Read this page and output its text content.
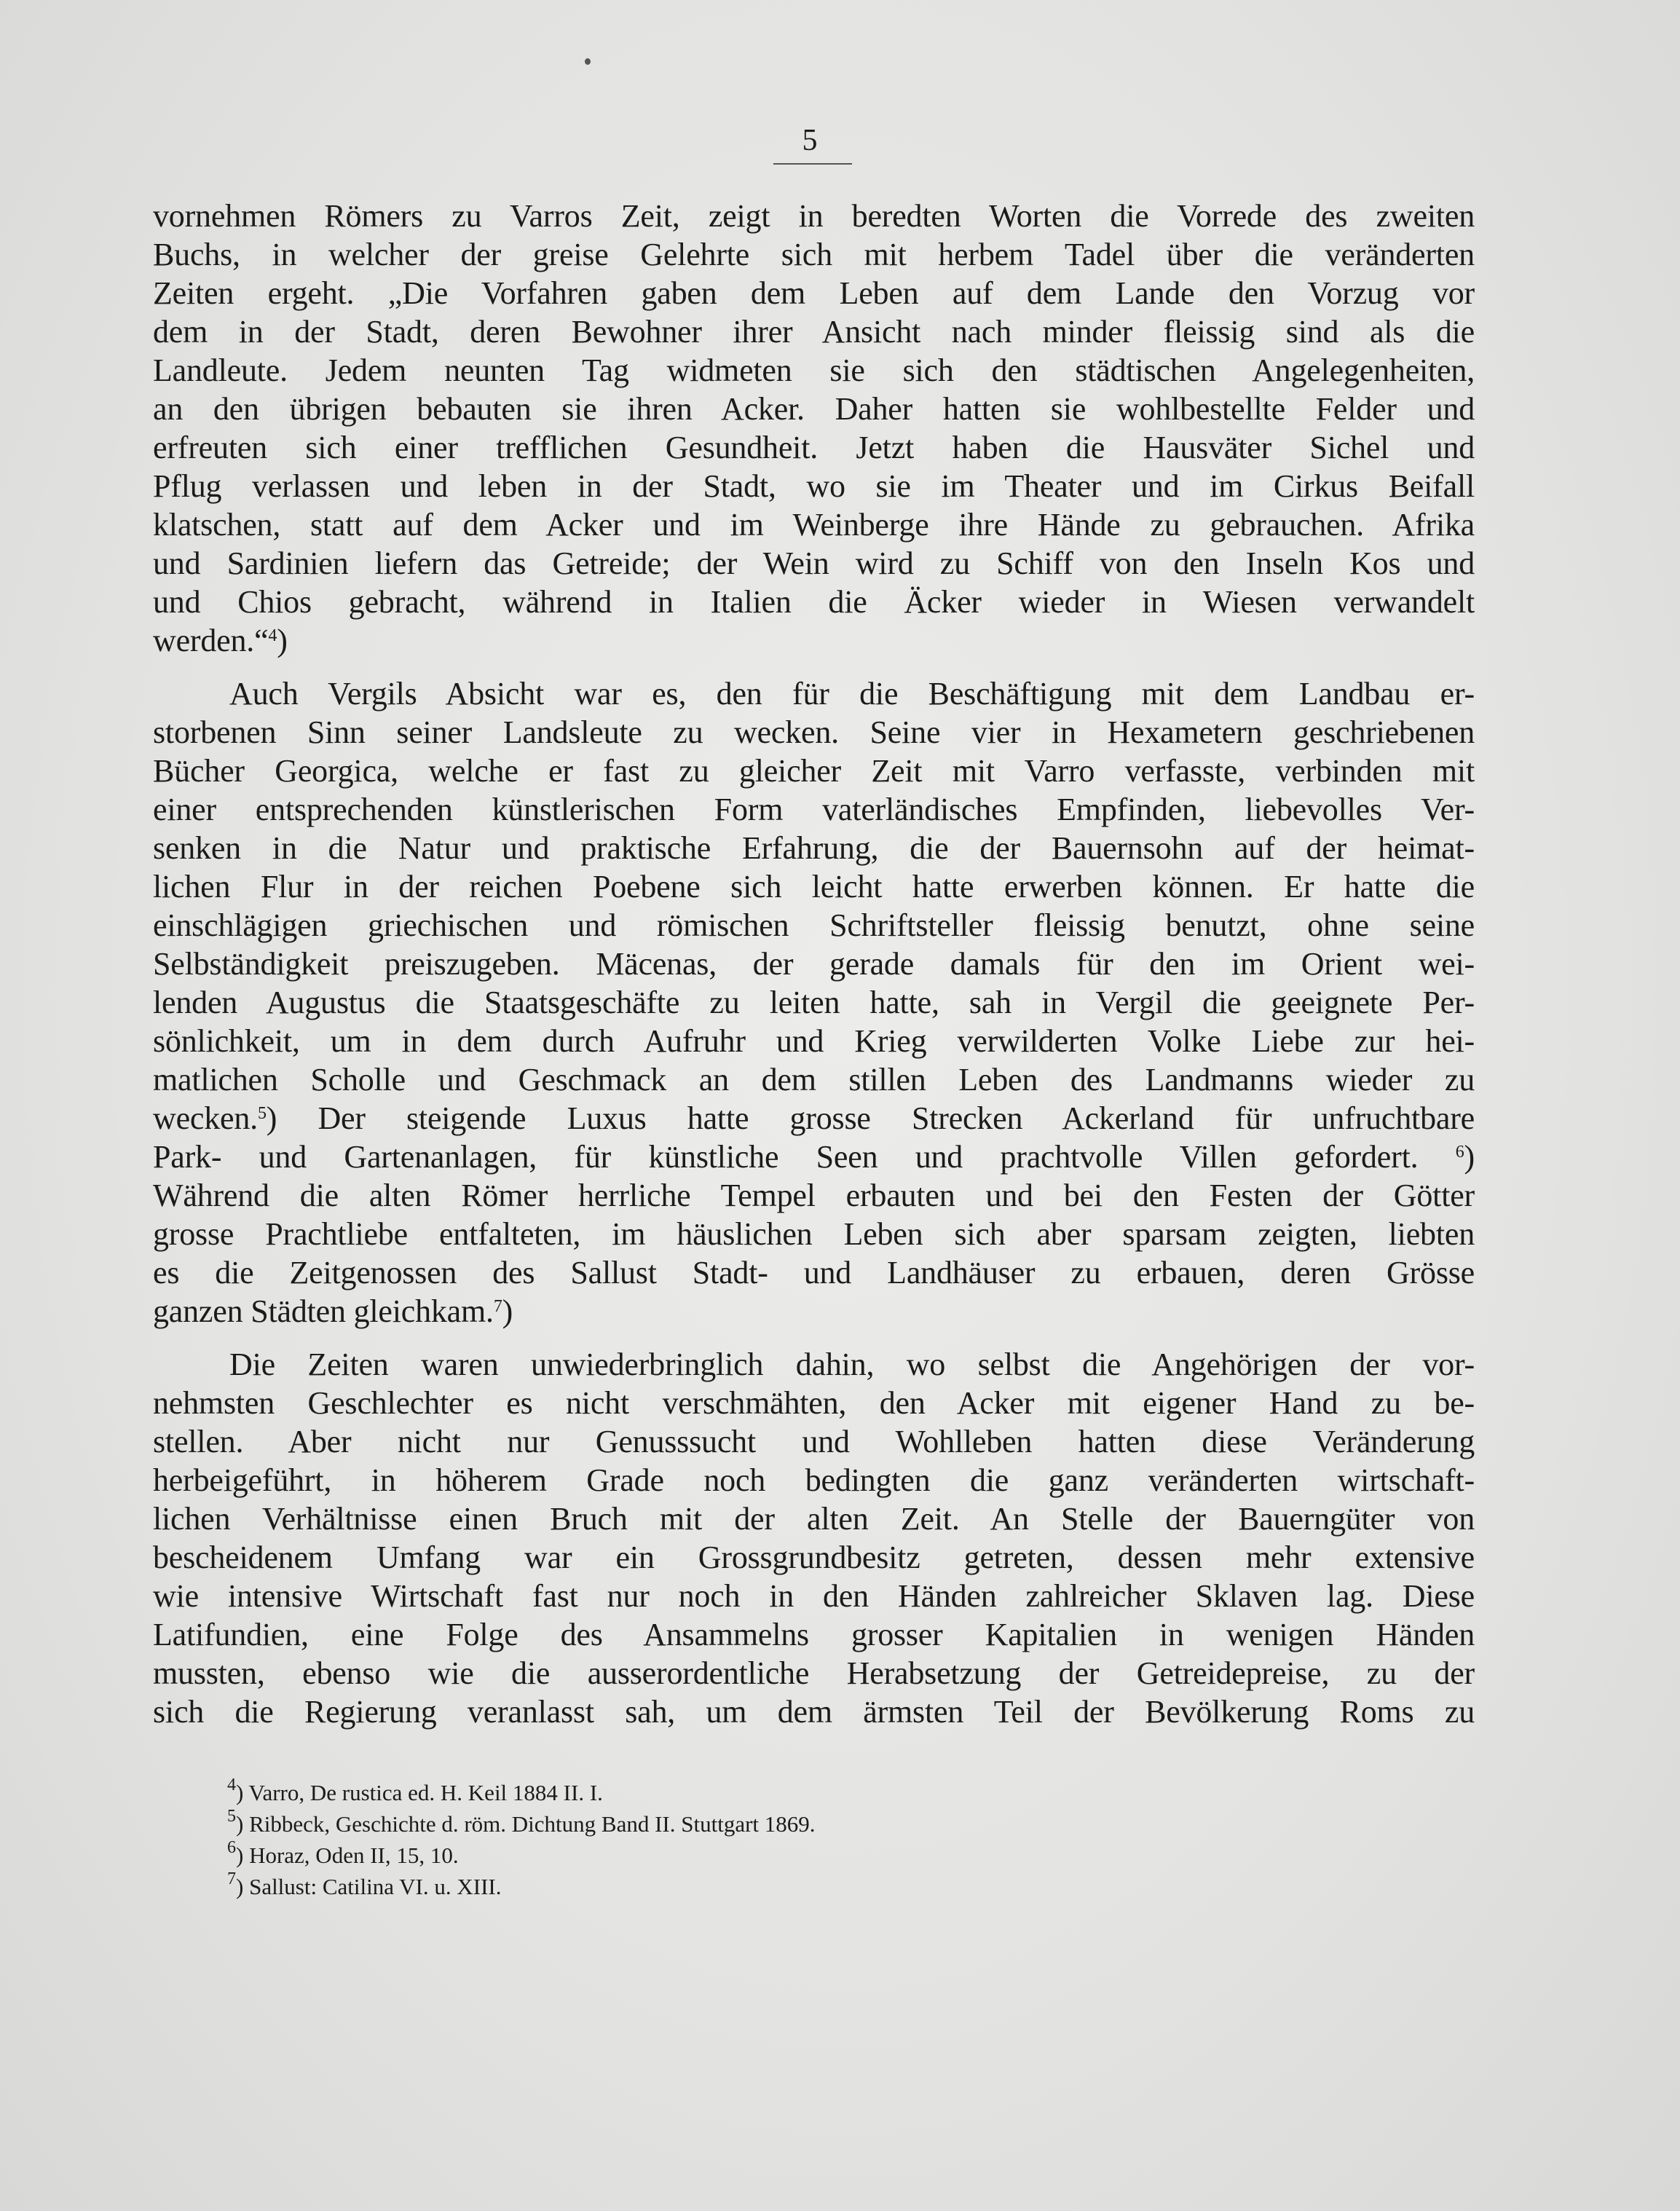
5
vornehmen Römers zu Varros Zeit, zeigt in beredten Worten die Vorrede des zweiten
Buchs, in welcher der greise Gelehrte sich mit herbem Tadel über die veränderten
Zeiten ergeht. „Die Vorfahren gaben dem Leben auf dem Lande den Vorzug vor
dem in der Stadt, deren Bewohner ihrer Ansicht nach minder fleissig sind als die
Landleute. Jedem neunten Tag widmeten sie sich den städtischen Angelegenheiten,
an den übrigen bebauten sie ihren Acker. Daher hatten sie wohlbestellte Felder und
erfreuten sich einer trefflichen Gesundheit. Jetzt haben die Hausväter Sichel und
Pflug verlassen und leben in der Stadt, wo sie im Theater und im Cirkus Beifall
klatschen, statt auf dem Acker und im Weinberge ihre Hände zu gebrauchen. Afrika
und Sardinien liefern das Getreide; der Wein wird zu Schiff von den Inseln Kos und
und Chios gebracht, während in Italien die Äcker wieder in Wiesen verwandelt
werden.“$^4$)
Auch Vergils Absicht war es, den für die Beschäftigung mit dem Landbau er-
storbenen Sinn seiner Landsleute zu wecken. Seine vier in Hexametern geschriebenen
Bücher Georgica, welche er fast zu gleicher Zeit mit Varro verfasste, verbinden mit
einer entsprechenden künstlerischen Form vaterländisches Empfinden, liebevolles Ver-
senken in die Natur und praktische Erfahrung, die der Bauernsohn auf der heimat-
lichen Flur in der reichen Poebene sich leicht hatte erwerben können. Er hatte die
einschlägigen griechischen und römischen Schriftsteller fleissig benutzt, ohne seine
Selbständigkeit preiszugeben. Mäcenas, der gerade damals für den im Orient wei-
lenden Augustus die Staatsgeschäfte zu leiten hatte, sah in Vergil die geeignete Per-
sönlichkeit, um in dem durch Aufruhr und Krieg verwilderten Volke Liebe zur hei-
matlichen Scholle und Geschmack an dem stillen Leben des Landmanns wieder zu
wecken.$^5$) Der steigende Luxus hatte grosse Strecken Ackerland für unfruchtbare
Park- und Gartenanlagen, für künstliche Seen und prachtvolle Villen gefordert. $^6$)
Während die alten Römer herrliche Tempel erbauten und bei den Festen der Götter
grosse Prachtliebe entfalteten, im häuslichen Leben sich aber sparsam zeigten, liebten
es die Zeitgenossen des Sallust Stadt- und Landhäuser zu erbauen, deren Grösse
ganzen Städten gleichkam.$^7$)
Die Zeiten waren unwiederbringlich dahin, wo selbst die Angehörigen der vor-
nehmsten Geschlechter es nicht verschmähten, den Acker mit eigener Hand zu be-
stellen. Aber nicht nur Genusssucht und Wohlleben hatten diese Veränderung
herbeigeführt, in höherem Grade noch bedingten die ganz veränderten wirtschaft-
lichen Verhältnisse einen Bruch mit der alten Zeit. An Stelle der Bauerngüter von
bescheidenem Umfang war ein Grossgrundbesitz getreten, dessen mehr extensive
wie intensive Wirtschaft fast nur noch in den Händen zahlreicher Sklaven lag. Diese
Latifundien, eine Folge des Ansammelns grosser Kapitalien in wenigen Händen
mussten, ebenso wie die ausserordentliche Herabsetzung der Getreidepreise, zu der
sich die Regierung veranlasst sah, um dem ärmsten Teil der Bevölkerung Roms zu
$^4$) Varro, De rustica ed. H. Keil 1884 II. I.
$^5$) Ribbeck, Geschichte d. röm. Dichtung Band II. Stuttgart 1869.
$^6$) Horaz, Oden II, 15, 10.
$^7$) Sallust: Catilina VI. u. XIII.
